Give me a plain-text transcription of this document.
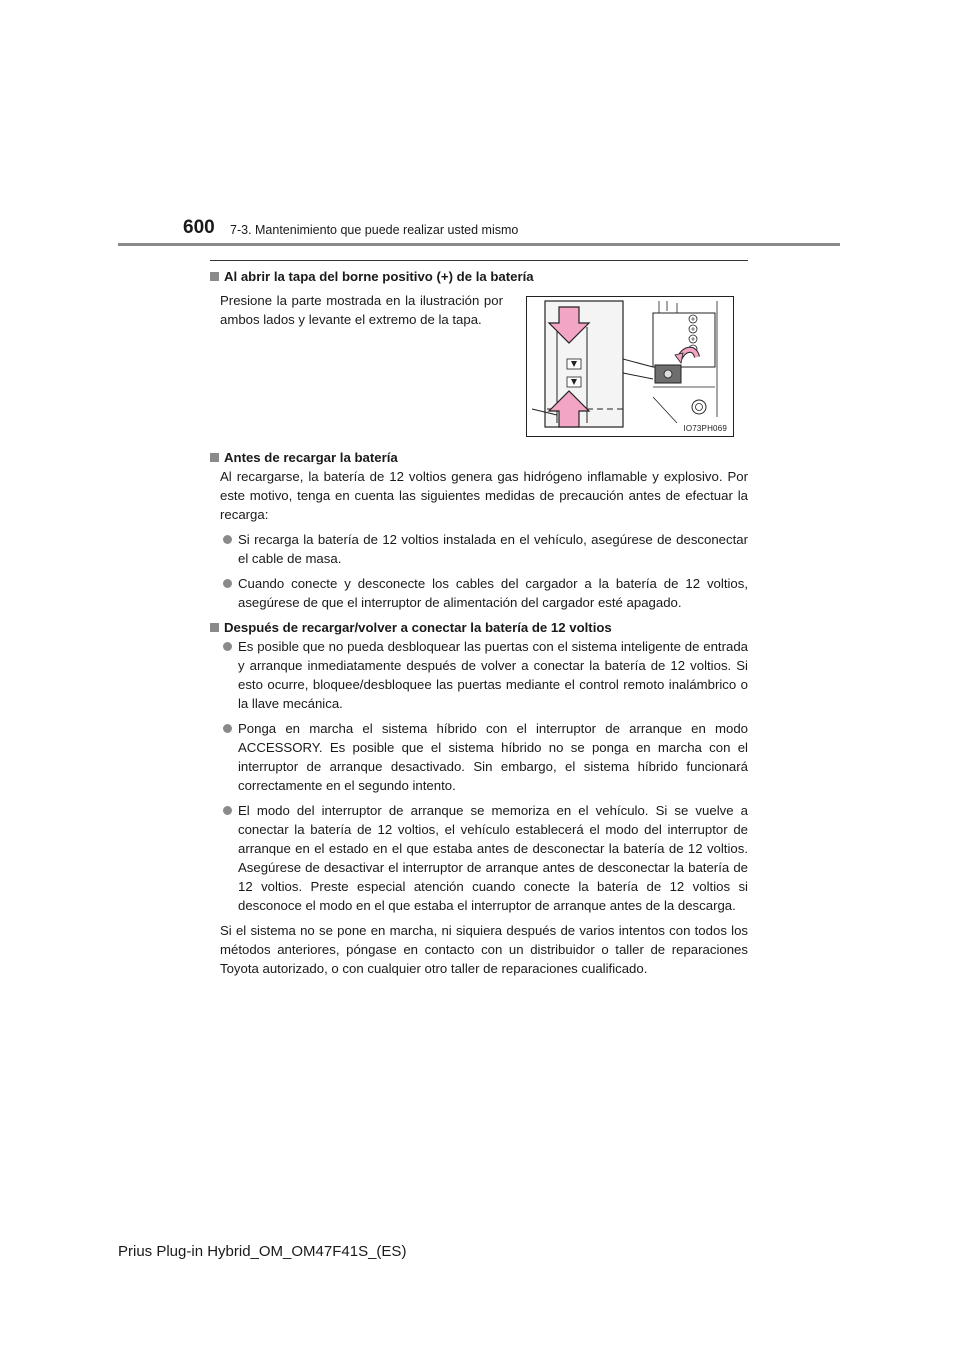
600 7-3. Mantenimiento que puede realizar usted mismo
Al abrir la tapa del borne positivo (+) de la batería
Presione la parte mostrada en la ilustración por ambos lados y levante el extremo de la tapa.
IO73PH069
Antes de recargar la batería
Al recargarse, la batería de 12 voltios genera gas hidrógeno inflamable y explosivo. Por este motivo, tenga en cuenta las siguientes medidas de precaución antes de efectuar la recarga:
Si recarga la batería de 12 voltios instalada en el vehículo, asegúrese de desconectar el cable de masa.
Cuando conecte y desconecte los cables del cargador a la batería de 12 voltios, asegúrese de que el interruptor de alimentación del cargador esté apagado.
Después de recargar/volver a conectar la batería de 12 voltios
Es posible que no pueda desbloquear las puertas con el sistema inteligente de entrada y arranque inmediatamente después de volver a conectar la batería de 12 voltios. Si esto ocurre, bloquee/desbloquee las puertas mediante el control remoto inalámbrico o la llave mecánica.
Ponga en marcha el sistema híbrido con el interruptor de arranque en modo ACCESSORY. Es posible que el sistema híbrido no se ponga en marcha con el interruptor de arranque desactivado. Sin embargo, el sistema híbrido funcionará correctamente en el segundo intento.
El modo del interruptor de arranque se memoriza en el vehículo. Si se vuelve a conectar la batería de 12 voltios, el vehículo establecerá el modo del interruptor de arranque en el estado en el que estaba antes de desconectar la batería de 12 voltios. Asegúrese de desactivar el interruptor de arranque antes de desconectar la batería de 12 voltios. Preste especial atención cuando conecte la batería de 12 voltios si desconoce el modo en el que estaba el interruptor de arranque antes de la descarga.
Si el sistema no se pone en marcha, ni siquiera después de varios intentos con todos los métodos anteriores, póngase en contacto con un distribuidor o taller de reparaciones Toyota autorizado, o con cualquier otro taller de reparaciones cualificado.
Prius Plug-in Hybrid_OM_OM47F41S_(ES)
